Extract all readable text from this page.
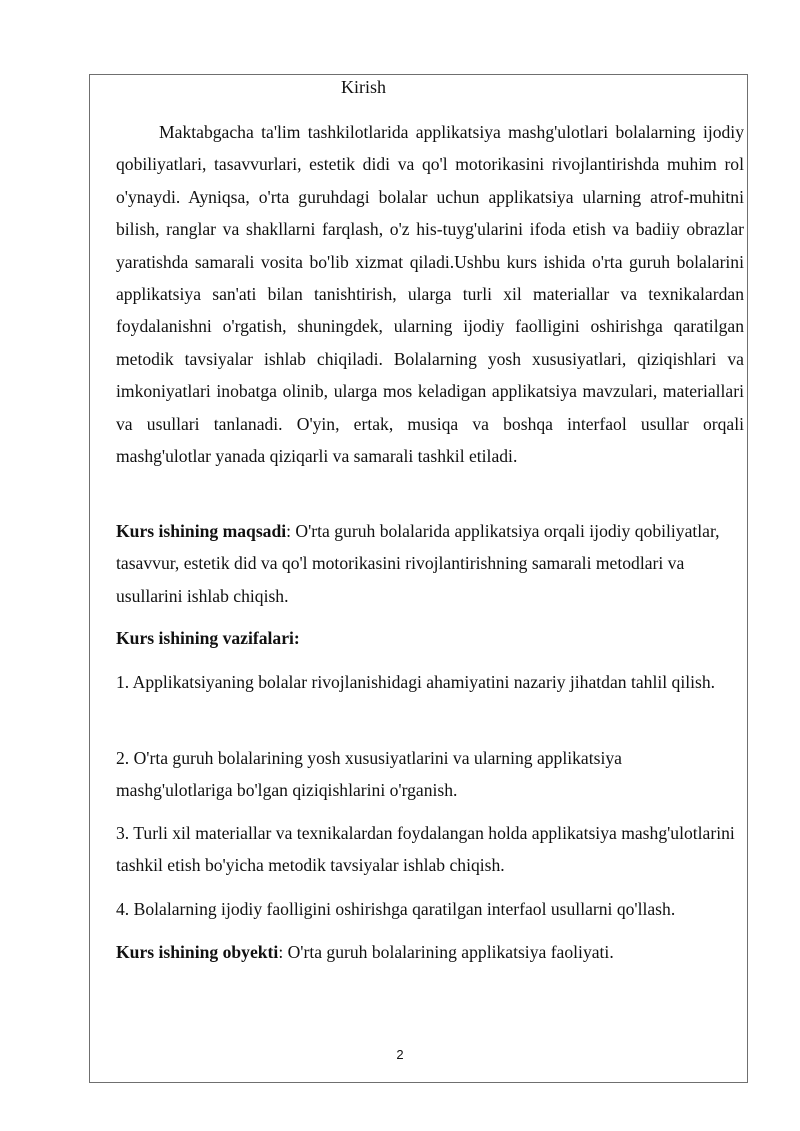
Kirish

Maktabgacha ta'lim tashkilotlarida applikatsiya mashg'ulotlari bolalarning ijodiy qobiliyatlari, tasavvurlari, estetik didi va qo'l motorikasini rivojlantirishda muhim rol o'ynaydi. Ayniqsa, o'rta guruhdagi bolalar uchun applikatsiya ularning atrof-muhitni bilish, ranglar va shakllarni farqlash, o'z his-tuyg'ularini ifoda etish va badiiy obrazlar yaratishda samarali vosita bo'lib xizmat qiladi.Ushbu kurs ishida o'rta guruh bolalarini applikatsiya san'ati bilan tanishtirish, ularga turli xil materiallar va texnikalardan foydalanishni o'rgatish, shuningdek, ularning ijodiy faolligini oshirishga qaratilgan metodik tavsiyalar ishlab chiqiladi. Bolalarning yosh xususiyatlari, qiziqishlari va imkoniyatlari inobatga olinib, ularga mos keladigan applikatsiya mavzulari, materiallari va usullari tanlanadi. O'yin, ertak, musiqa va boshqa interfaol usullar orqali mashg'ulotlar yanada qiziqarli va samarali tashkil etiladi.

Kurs ishining maqsadi: O'rta guruh bolalarida applikatsiya orqali ijodiy qobiliyatlar, tasavvur, estetik did va qo'l motorikasini rivojlantirishning samarali metodlari va usullarini ishlab chiqish.

Kurs ishining vazifalari:

1. Applikatsiyaning bolalar rivojlanishidagi ahamiyatini nazariy jihatdan tahlil qilish.

2. O'rta guruh bolalarining yosh xususiyatlarini va ularning applikatsiya mashg'ulotlariga bo'lgan qiziqishlarini o'rganish.

3. Turli xil materiallar va texnikalardan foydalangan holda applikatsiya mashg'ulotlarini tashkil etish bo'yicha metodik tavsiyalar ishlab chiqish.

4. Bolalarning ijodiy faolligini oshirishga qaratilgan interfaol usullarni qo'llash.

Kurs ishining obyekti: O'rta guruh bolalarining applikatsiya faoliyati.

2
